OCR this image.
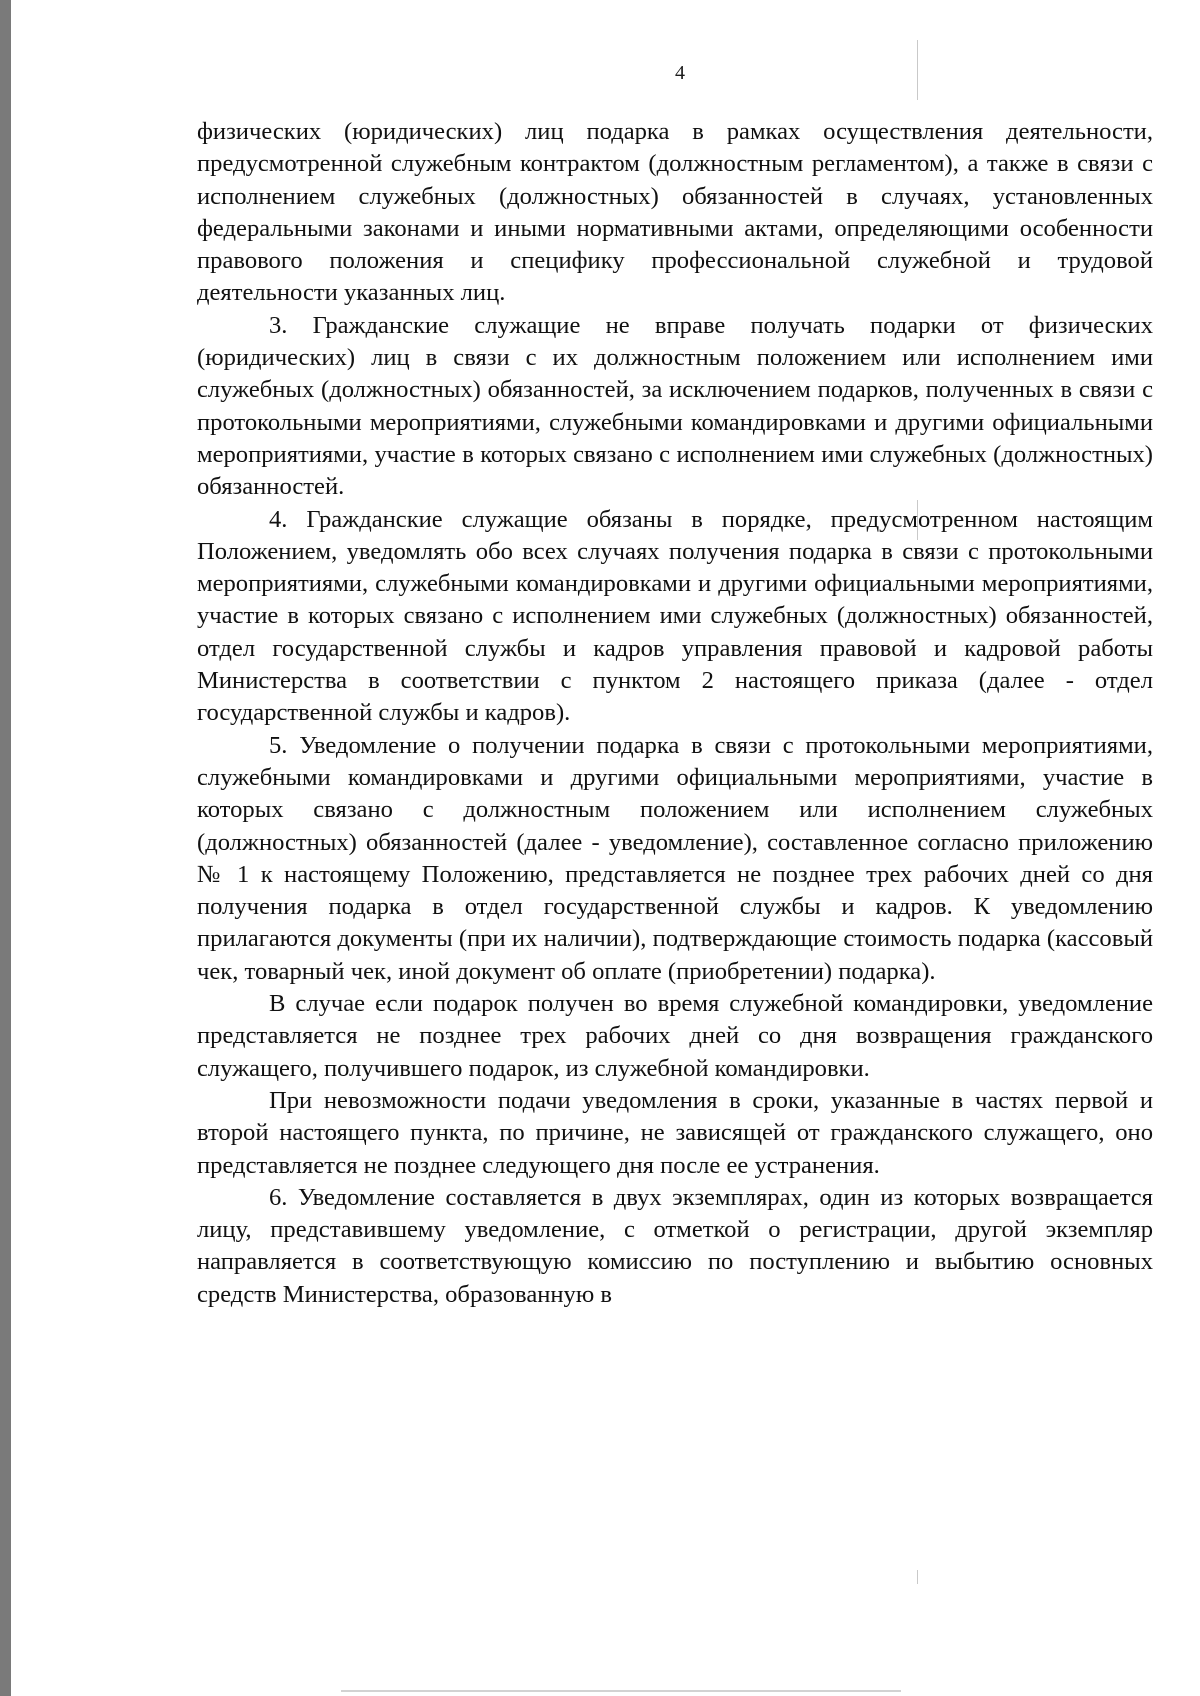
4

физических (юридических) лиц подарка в рамках осуществления деятельности, предусмотренной служебным контрактом (должностным регламентом), а также в связи с исполнением служебных (должностных) обязанностей в случаях, установленных федеральными законами и иными нормативными актами, определяющими особенности правового положения и специфику профессиональной служебной и трудовой деятельности указанных лиц.

3. Гражданские служащие не вправе получать подарки от физических (юридических) лиц в связи с их должностным положением или исполнением ими служебных (должностных) обязанностей, за исключением подарков, полученных в связи с протокольными мероприятиями, служебными командировками и другими официальными мероприятиями, участие в которых связано с исполнением ими служебных (должностных) обязанностей.

4. Гражданские служащие обязаны в порядке, предусмотренном настоящим Положением, уведомлять обо всех случаях получения подарка в связи с протокольными мероприятиями, служебными командировками и другими официальными мероприятиями, участие в которых связано с исполнением ими служебных (должностных) обязанностей, отдел государственной службы и кадров управления правовой и кадровой работы Министерства в соответствии с пунктом 2 настоящего приказа (далее - отдел государственной службы и кадров).

5. Уведомление о получении подарка в связи с протокольными мероприятиями, служебными командировками и другими официальными мероприятиями, участие в которых связано с должностным положением или исполнением служебных (должностных) обязанностей (далее - уведомление), составленное согласно приложению № 1 к настоящему Положению, представляется не позднее трех рабочих дней со дня получения подарка в отдел государственной службы и кадров. К уведомлению прилагаются документы (при их наличии), подтверждающие стоимость подарка (кассовый чек, товарный чек, иной документ об оплате (приобретении) подарка).

В случае если подарок получен во время служебной командировки, уведомление представляется не позднее трех рабочих дней со дня возвращения гражданского служащего, получившего подарок, из служебной командировки.

При невозможности подачи уведомления в сроки, указанные в частях первой и второй настоящего пункта, по причине, не зависящей от гражданского служащего, оно представляется не позднее следующего дня после ее устранения.

6. Уведомление составляется в двух экземплярах, один из которых возвращается лицу, представившему уведомление, с отметкой о регистрации, другой экземпляр направляется в соответствующую комиссию по поступлению и выбытию основных средств Министерства, образованную в
